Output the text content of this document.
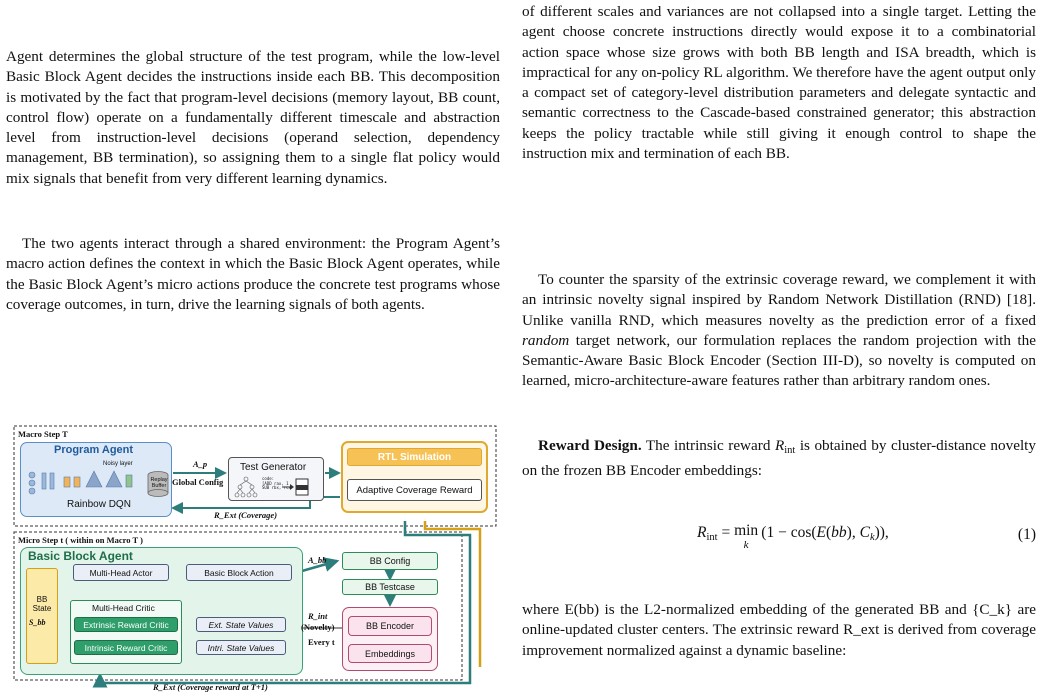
Agent determines the global structure of the test program, while the low-level Basic Block Agent decides the instructions inside each BB. This decomposition is motivated by the fact that program-level decisions (memory layout, BB count, control flow) operate on a fundamentally different timescale and abstraction level from instruction-level decisions (operand selection, dependency management, BB termination), so assigning them to a single flat policy would mix signals that benefit from very different learning dynamics.

The two agents interact through a shared environment: the Program Agent’s macro action defines the context in which the Basic Block Agent operates, while the Basic Block Agent’s micro actions produce the concrete test programs whose coverage outcomes, in turn, drive the learning signals of both agents.

Macro Step T
Program Agent
Noisy layer
Replay Buffer
Rainbow DQN
A_p
Global Config
Test Generator
code:
[ADD rax, 1
SUB rbx, rcx
RTL Simulation
Adaptive Coverage Reward
R_Ext (Coverage)
Micro Step t ( within on Macro T )
Basic Block Agent
BB State
S_bb
Multi-Head Actor	Basic Block Action
Multi-Head Critic
Extrinsic Reward Critic
Intrinsic Reward Critic
Ext. State Values
Intri. State Values
A_bb	BB Config
BB Testcase
BB Encoder
Embeddings
R_int
(Novelty)
Every t
R_Ext (Coverage reward at T+1)

of different scales and variances are not collapsed into a single target. Letting the agent choose concrete instructions directly would expose it to a combinatorial action space whose size grows with both BB length and ISA breadth, which is impractical for any on-policy RL algorithm. We therefore have the agent output only a compact set of category-level distribution parameters and delegate syntactic and semantic correctness to the Cascade-based constrained generator; this abstraction keeps the policy tractable while still giving it enough control to shape the instruction mix and termination of each BB.

To counter the sparsity of the extrinsic coverage reward, we complement it with an intrinsic novelty signal inspired by Random Network Distillation (RND) [18]. Unlike vanilla RND, which measures novelty as the prediction error of a fixed random target network, our formulation replaces the random projection with the Semantic-Aware Basic Block Encoder (Section III-D), so novelty is computed on learned, micro-architecture-aware features rather than arbitrary random ones.

Reward Design. The intrinsic reward $R_{int}$ is obtained by cluster-distance novelty on the frozen BB Encoder embeddings:

$R_{int} = \min$
k
 (1 − cos(E(bb), $C_k$)),	(1)

where E(bb) is the L2-normalized embedding of the generated BB and {C_k} are online-updated cluster centers. The extrinsic reward R_ext is derived from coverage improvement normalized against a dynamic baseline:
